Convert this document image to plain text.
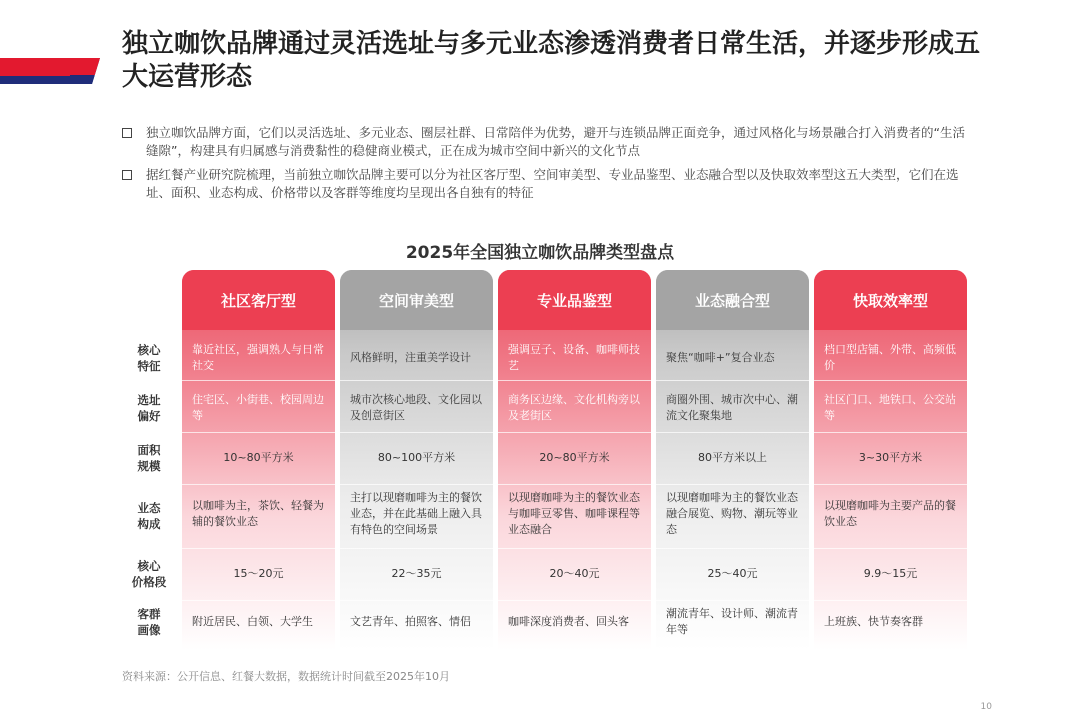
独立咖饮品牌通过灵活选址与多元业态渗透消费者日常生活，并逐步形成五大运营形态
独立咖饮品牌方面，它们以灵活选址、多元业态、圈层社群、日常陪伴为优势，避开与连锁品牌正面竞争，通过风格化与场景融合打入消费者的“生活缝隙”，构建具有归属感与消费黏性的稳健商业模式，正在成为城市空间中新兴的文化节点
据红餐产业研究院梳理，当前独立咖饮品牌主要可以分为社区客厅型、空间审美型、专业品鉴型、业态融合型以及快取效率型这五大类型，它们在选址、面积、业态构成、价格带以及客群等维度均呈现出各自独有的特征
2025年全国独立咖饮品牌类型盘点
核心
特征
选址
偏好
面积
规模
业态
构成
核心
价格段
客群
画像
社区客厅型
靠近社区，强调熟人与日常社交
住宅区、小街巷、校园周边等
10~80平方米
以咖啡为主，茶饮、轻餐为辅的餐饮业态
15～20元
附近居民、白领、大学生
空间审美型
风格鲜明，注重美学设计
城市次核心地段、文化园以及创意街区
80~100平方米
主打以现磨咖啡为主的餐饮业态，并在此基础上融入具有特色的空间场景
22～35元
文艺青年、拍照客、情侣
专业品鉴型
强调豆子、设备、咖啡师技艺
商务区边缘、文化机构旁以及老街区
20~80平方米
以现磨咖啡为主的餐饮业态与咖啡豆零售、咖啡课程等业态融合
20～40元
咖啡深度消费者、回头客
业态融合型
聚焦“咖啡+”复合业态
商圈外围、城市次中心、潮流文化聚集地
80平方米以上
以现磨咖啡为主的餐饮业态融合展览、购物、潮玩等业态
25～40元
潮流青年、设计师、潮流青年等
快取效率型
档口型店铺、外带、高频低价
社区门口、地铁口、公交站等
3~30平方米
以现磨咖啡为主要产品的餐饮业态
9.9～15元
上班族、快节奏客群
资料来源：公开信息、红餐大数据，数据统计时间截至2025年10月
10
